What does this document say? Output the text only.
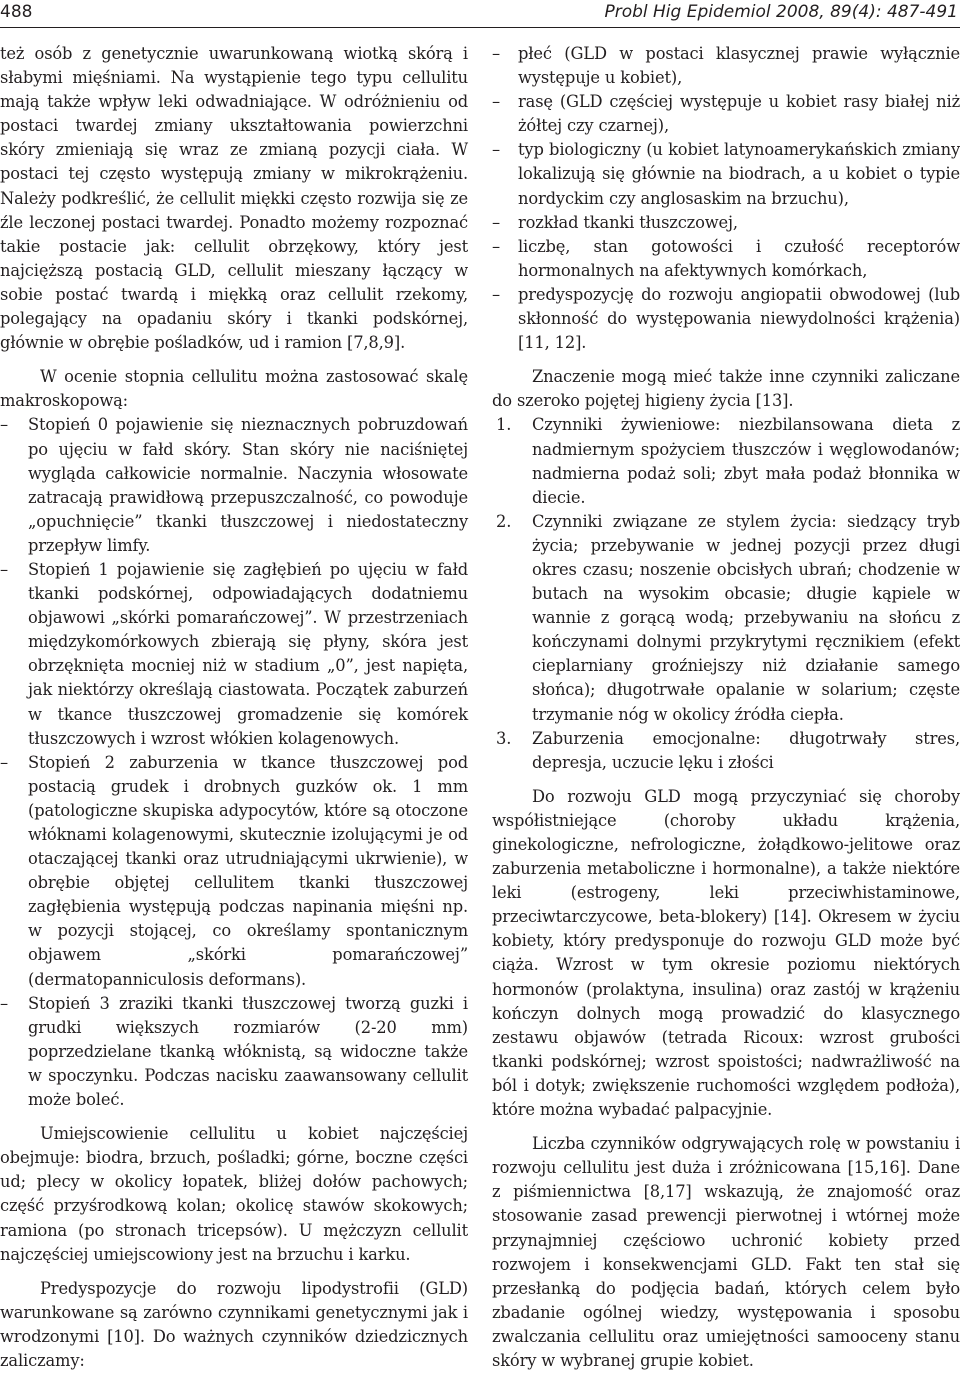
488	Probl Hig Epidemiol 2008, 89(4): 487-491

też osób z genetycznie uwarunkowaną wiotką skórą i słabymi mięśniami. Na wystąpienie tego typu cellulitu mają także wpływ leki odwadniające. W odróżnieniu od postaci twardej zmiany ukształtowania powierzchni skóry zmieniają się wraz ze zmianą pozycji ciała. W postaci tej często występują zmiany w mikrokrążeniu. Należy podkreślić, że cellulit miękki często rozwija się ze źle leczonej postaci twardej. Ponadto możemy rozpoznać takie postacie jak: cellulit obrzękowy, który jest najcięższą postacią GLD, cellulit mieszany łączący w sobie postać twardą i miękką oraz cellulit rzekomy, polegający na opadaniu skóry i tkanki podskórnej, głównie w obrębie pośladków, ud i ramion [7,8,9].

W ocenie stopnia cellulitu można zastosować skalę makroskopową:

– Stopień 0 pojawienie się nieznacznych pobruzdowań po ujęciu w fałd skóry. Stan skóry nie naciśniętej wygląda całkowicie normalnie. Naczynia włosowate zatracają prawidłową przepuszczalność, co powoduje „opuchnięcie” tkanki tłuszczowej i niedostateczny przepływ limfy.
– Stopień 1 pojawienie się zagłębień po ujęciu w fałd tkanki podskórnej, odpowiadających dodatniemu objawowi „skórki pomarańczowej”. W przestrzeniach międzykomórkowych zbierają się płyny, skóra jest obrzęknięta mocniej niż w stadium „0”, jest napięta, jak niektórzy określają ciastowata. Początek zaburzeń w tkance tłuszczowej gromadzenie się komórek tłuszczowych i wzrost włókien kolagenowych.
– Stopień 2 zaburzenia w tkance tłuszczowej pod postacią grudek i drobnych guzków ok. 1 mm (patologiczne skupiska adypocytów, które są otoczone włóknami kolagenowymi, skutecznie izolującymi je od otaczającej tkanki oraz utrudniającymi ukrwienie), w obrębie objętej cellulitem tkanki tłuszczowej zagłębienia występują podczas napinania mięśni np. w pozycji stojącej, co określamy spontanicznym objawem „skórki pomarańczowej” (dermatopanniculosis deformans).
– Stopień 3 zraziki tkanki tłuszczowej tworzą guzki i grudki większych rozmiarów (2-20 mm) poprzedzielane tkanką włóknistą, są widoczne także w spoczynku. Podczas nacisku zaawansowany cellulit może boleć.

Umiejscowienie cellulitu u kobiet najczęściej obejmuje: biodra, brzuch, pośladki; górne, boczne części ud; plecy w okolicy łopatek, bliżej dołów pachowych; część przyśrodkową kolan; okolicę stawów skokowych; ramiona (po stronach tricepsów). U mężczyzn cellulit najczęściej umiejscowiony jest na brzuchu i karku.

Predyspozycje do rozwoju lipodystrofii (GLD) warunkowane są zarówno czynnikami genetycznymi jak i wrodzonymi [10]. Do ważnych czynników dziedzicznych zaliczamy:

– płeć (GLD w postaci klasycznej prawie wyłącznie występuje u kobiet),
– rasę (GLD częściej występuje u kobiet rasy białej niż żółtej czy czarnej),
– typ biologiczny (u kobiet latynoamerykańskich zmiany lokalizują się głównie na biodrach, a u kobiet o typie nordyckim czy anglosaskim na brzuchu),
– rozkład tkanki tłuszczowej,
– liczbę, stan gotowości i czułość receptorów hormonalnych na afektywnych komórkach,
– predyspozycję do rozwoju angiopatii obwodowej (lub skłonność do występowania niewydolności krążenia) [11, 12].

Znaczenie mogą mieć także inne czynniki zaliczane do szeroko pojętej higieny życia [13].

1. Czynniki żywieniowe: niezbilansowana dieta z nadmiernym spożyciem tłuszczów i węglowodanów; nadmierna podaż soli; zbyt mała podaż błonnika w diecie.
2. Czynniki związane ze stylem życia: siedzący tryb życia; przebywanie w jednej pozycji przez długi okres czasu; noszenie obcisłych ubrań; chodzenie w butach na wysokim obcasie; długie kąpiele w wannie z gorącą wodą; przebywaniu na słońcu z kończynami dolnymi przykrytymi ręcznikiem (efekt cieplarniany groźniejszy niż działanie samego słońca); długotrwałe opalanie w solarium; częste trzymanie nóg w okolicy źródła ciepła.
3. Zaburzenia emocjonalne: długotrwały stres, depresja, uczucie lęku i złości

Do rozwoju GLD mogą przyczyniać się choroby współistniejące (choroby układu krążenia, ginekologiczne, nefrologiczne, żołądkowo-jelitowe oraz zaburzenia metaboliczne i hormonalne), a także niektóre leki (estrogeny, leki przeciwhistaminowe, przeciwtarczycowe, beta-blokery) [14]. Okresem w życiu kobiety, który predysponuje do rozwoju GLD może być ciąża. Wzrost w tym okresie poziomu niektórych hormonów (prolaktyna, insulina) oraz zastój w krążeniu kończyn dolnych mogą prowadzić do klasycznego zestawu objawów (tetrada Ricoux: wzrost grubości tkanki podskórnej; wzrost spoistości; nadwrażliwość na ból i dotyk; zwiększenie ruchomości względem podłoża), które można wybadać palpacyjnie.

Liczba czynników odgrywających rolę w powstaniu i rozwoju cellulitu jest duża i zróżnicowana [15,16]. Dane z piśmiennictwa [8,17] wskazują, że znajomość oraz stosowanie zasad prewencji pierwotnej i wtórnej może przynajmniej częściowo uchronić kobiety przed rozwojem i konsekwencjami GLD. Fakt ten stał się przesłanką do podjęcia badań, których celem było zbadanie ogólnej wiedzy, występowania i sposobu zwalczania cellulitu oraz umiejętności samooceny stanu skóry w wybranej grupie kobiet.
